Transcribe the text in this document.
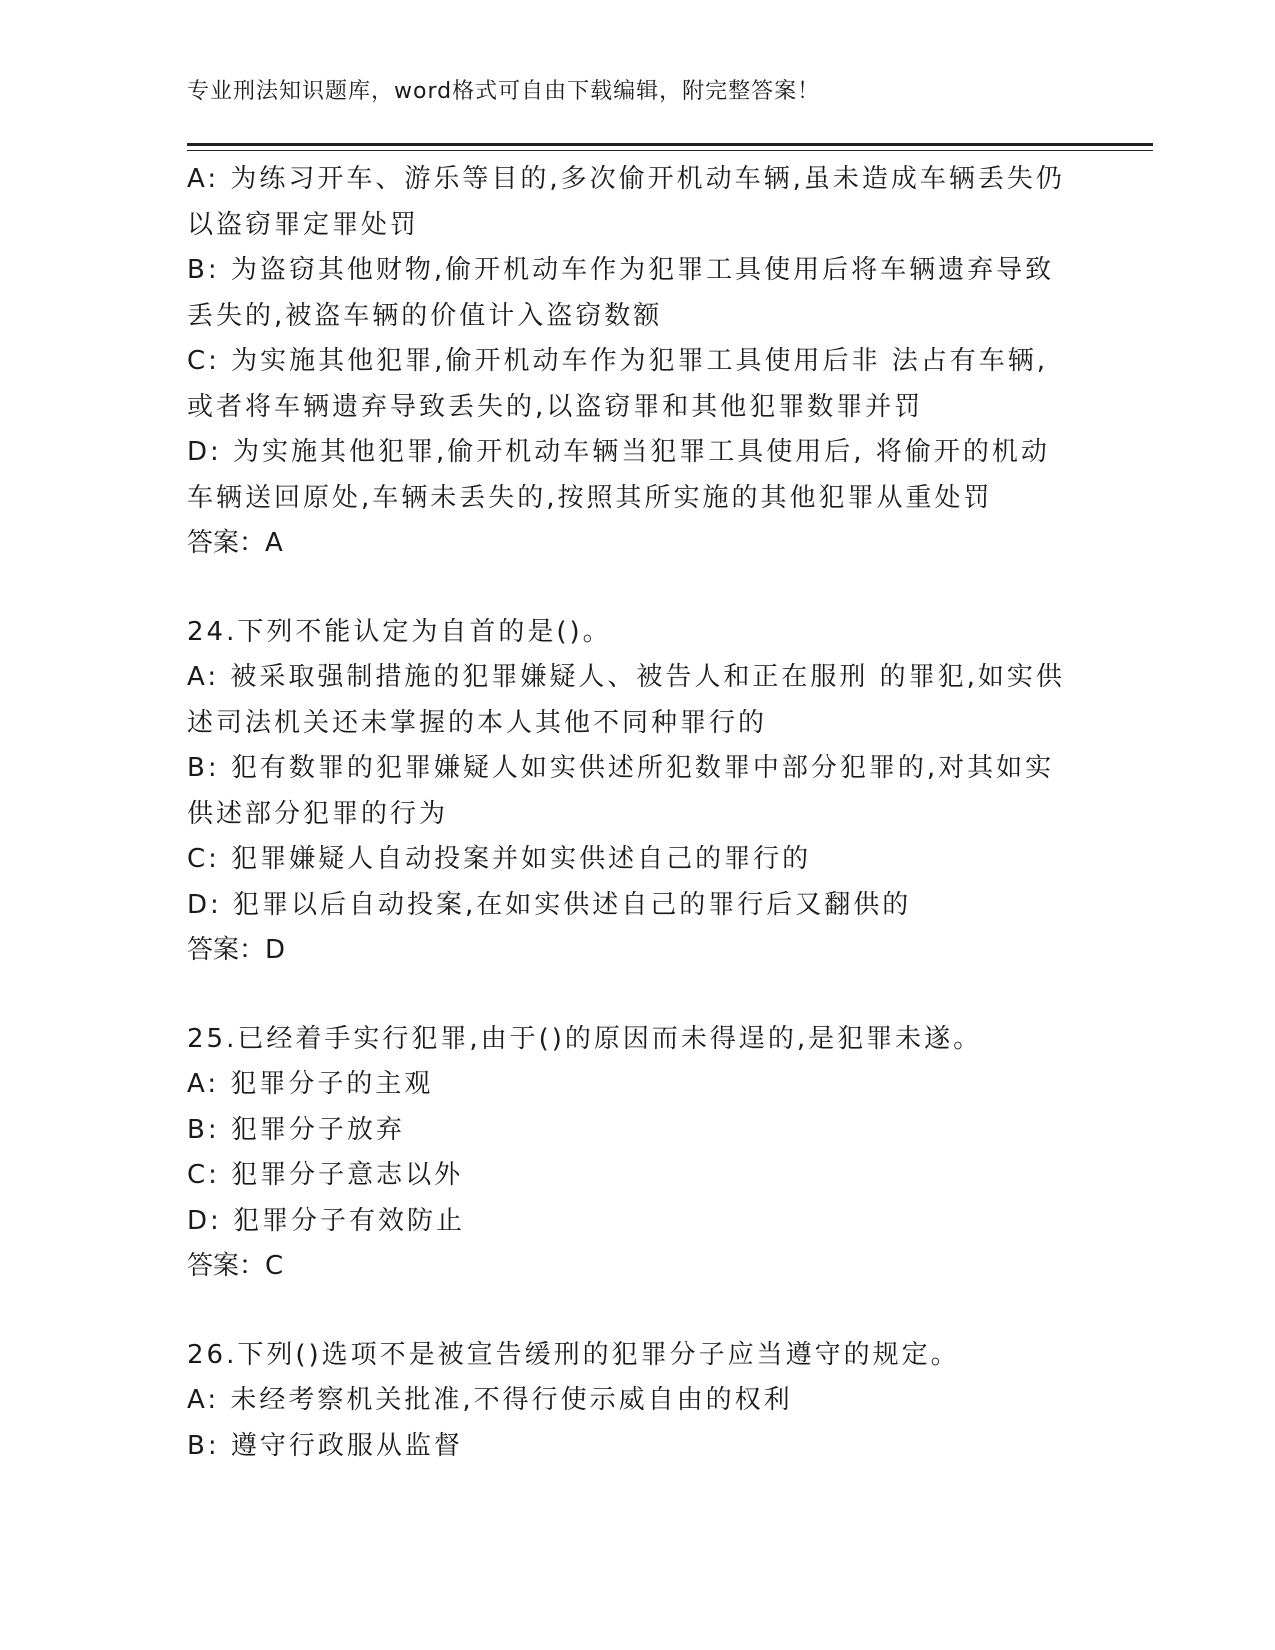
专业刑法知识题库，word格式可自由下载编辑，附完整答案！
A: 为练习开车、游乐等目的,多次偷开机动车辆,虽未造成车辆丢失仍
以盗窃罪定罪处罚
B: 为盗窃其他财物,偷开机动车作为犯罪工具使用后将车辆遗弃导致
丢失的,被盗车辆的价值计入盗窃数额
C: 为实施其他犯罪,偷开机动车作为犯罪工具使用后非 法占有车辆,
或者将车辆遗弃导致丢失的,以盗窃罪和其他犯罪数罪并罚
D: 为实施其他犯罪,偷开机动车辆当犯罪工具使用后, 将偷开的机动
车辆送回原处,车辆未丢失的,按照其所实施的其他犯罪从重处罚
答案：A
24.下列不能认定为自首的是()。
A: 被采取强制措施的犯罪嫌疑人、被告人和正在服刑 的罪犯,如实供
述司法机关还未掌握的本人其他不同种罪行的
B: 犯有数罪的犯罪嫌疑人如实供述所犯数罪中部分犯罪的,对其如实
供述部分犯罪的行为
C: 犯罪嫌疑人自动投案并如实供述自己的罪行的
D: 犯罪以后自动投案,在如实供述自己的罪行后又翻供的
答案：D
25.已经着手实行犯罪,由于()的原因而未得逞的,是犯罪未遂。
A: 犯罪分子的主观
B: 犯罪分子放弃
C: 犯罪分子意志以外
D: 犯罪分子有效防止
答案：C
26.下列()选项不是被宣告缓刑的犯罪分子应当遵守的规定。
A: 未经考察机关批准,不得行使示威自由的权利
B: 遵守行政服从监督
